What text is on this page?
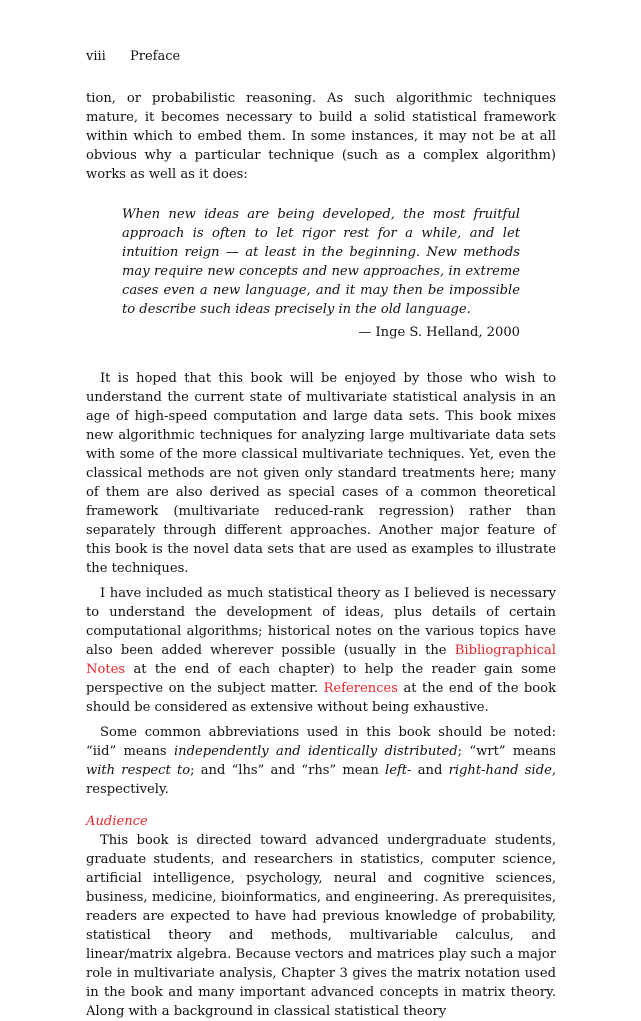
viii Preface

tion, or probabilistic reasoning. As such algorithmic techniques mature, it becomes necessary to build a solid statistical framework within which to embed them. In some instances, it may not be at all obvious why a particular technique (such as a complex algorithm) works as well as it does:

When new ideas are being developed, the most fruitful approach is often to let rigor rest for a while, and let intuition reign — at least in the beginning. New methods may require new concepts and new approaches, in extreme cases even a new language, and it may then be impossible to describe such ideas precisely in the old language.
— Inge S. Helland, 2000

It is hoped that this book will be enjoyed by those who wish to understand the current state of multivariate statistical analysis in an age of high-speed computation and large data sets. This book mixes new algorithmic techniques for analyzing large multivariate data sets with some of the more classical multivariate techniques. Yet, even the classical methods are not given only standard treatments here; many of them are also derived as special cases of a common theoretical framework (multivariate reduced-rank regression) rather than separately through different approaches. Another major feature of this book is the novel data sets that are used as examples to illustrate the techniques.

I have included as much statistical theory as I believed is necessary to understand the development of ideas, plus details of certain computational algorithms; historical notes on the various topics have also been added wherever possible (usually in the Bibliographical Notes at the end of each chapter) to help the reader gain some perspective on the subject matter. References at the end of the book should be considered as extensive without being exhaustive.

Some common abbreviations used in this book should be noted: “iid” means independently and identically distributed; “wrt” means with respect to; and “lhs” and “rhs” mean left- and right-hand side, respectively.

Audience

This book is directed toward advanced undergraduate students, graduate students, and researchers in statistics, computer science, artificial intelligence, psychology, neural and cognitive sciences, business, medicine, bioinformatics, and engineering. As prerequisites, readers are expected to have had previous knowledge of probability, statistical theory and methods, multivariable calculus, and linear/matrix algebra. Because vectors and matrices play such a major role in multivariate analysis, Chapter 3 gives the matrix notation used in the book and many important advanced concepts in matrix theory. Along with a background in classical statistical theory
